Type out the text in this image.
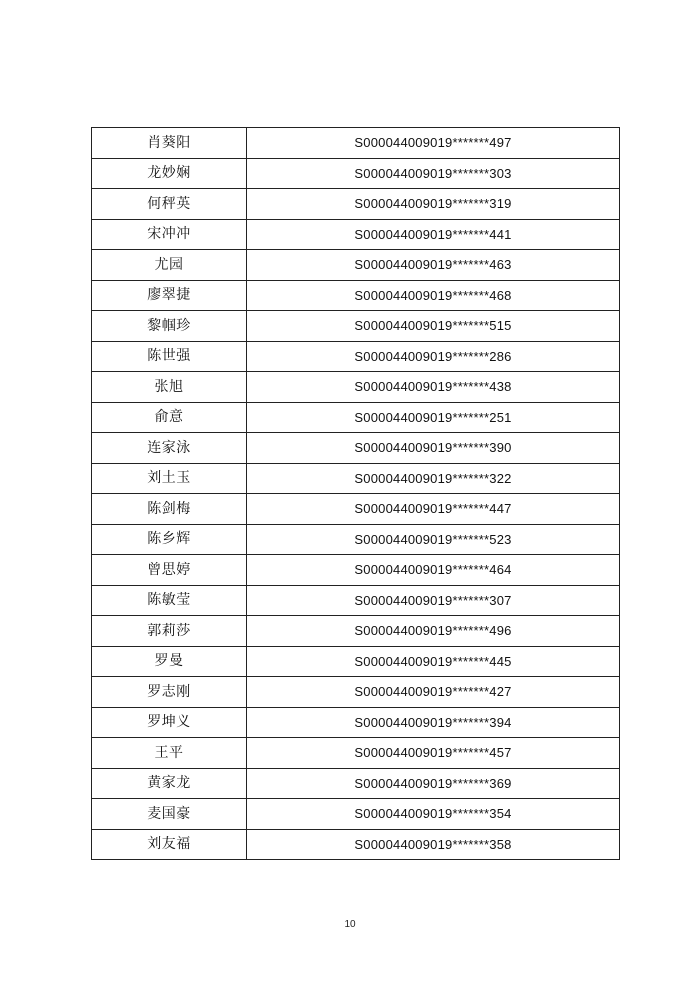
肖葵阳	S000044009019*******497
龙妙娴	S000044009019*******303
何秤英	S000044009019*******319
宋冲冲	S000044009019*******441
尤园	S000044009019*******463
廖翠捷	S000044009019*******468
黎帼珍	S000044009019*******515
陈世强	S000044009019*******286
张旭	S000044009019*******438
俞意	S000044009019*******251
连家泳	S000044009019*******390
刘土玉	S000044009019*******322
陈剑梅	S000044009019*******447
陈乡辉	S000044009019*******523
曾思婷	S000044009019*******464
陈敏莹	S000044009019*******307
郭莉莎	S000044009019*******496
罗曼	S000044009019*******445
罗志刚	S000044009019*******427
罗坤义	S000044009019*******394
王平	S000044009019*******457
黄家龙	S000044009019*******369
麦国豪	S000044009019*******354
刘友福	S000044009019*******358
10
